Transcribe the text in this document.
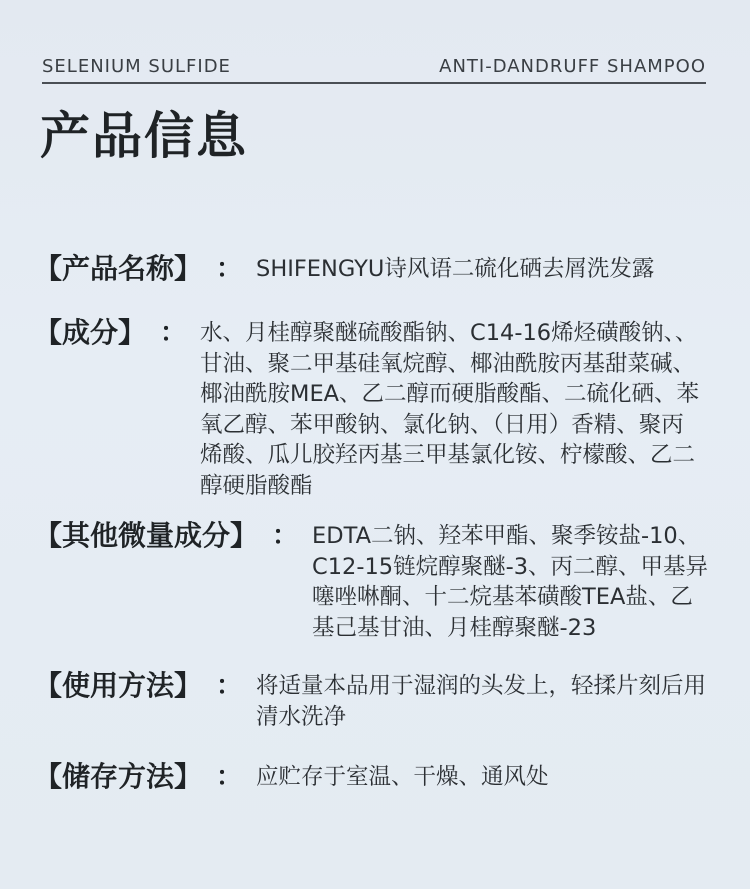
SELENIUM SULFIDE	ANTI-DANDRUFF SHAMPOO
产品信息
【产品名称】 ： SHIFENGYU诗风语二硫化硒去屑洗发露
【成分】 ： 水、月桂醇聚醚硫酸酯钠、C14-16烯烃磺酸钠、、甘油、聚二甲基硅氧烷醇、椰油酰胺丙基甜菜碱、椰油酰胺MEA、乙二醇而硬脂酸酯、二硫化硒、苯氧乙醇、苯甲酸钠、氯化钠、（日用）香精、聚丙烯酸、瓜儿胶羟丙基三甲基氯化铵、柠檬酸、乙二醇硬脂酸酯
【其他微量成分】 ： EDTA二钠、羟苯甲酯、聚季铵盐-10、C12-15链烷醇聚醚-3、丙二醇、甲基异噻唑啉酮、十二烷基苯磺酸TEA盐、乙基己基甘油、月桂醇聚醚-23
【使用方法】 ： 将适量本品用于湿润的头发上，轻揉片刻后用清水洗净
【储存方法】 ： 应贮存于室温、干燥、通风处
